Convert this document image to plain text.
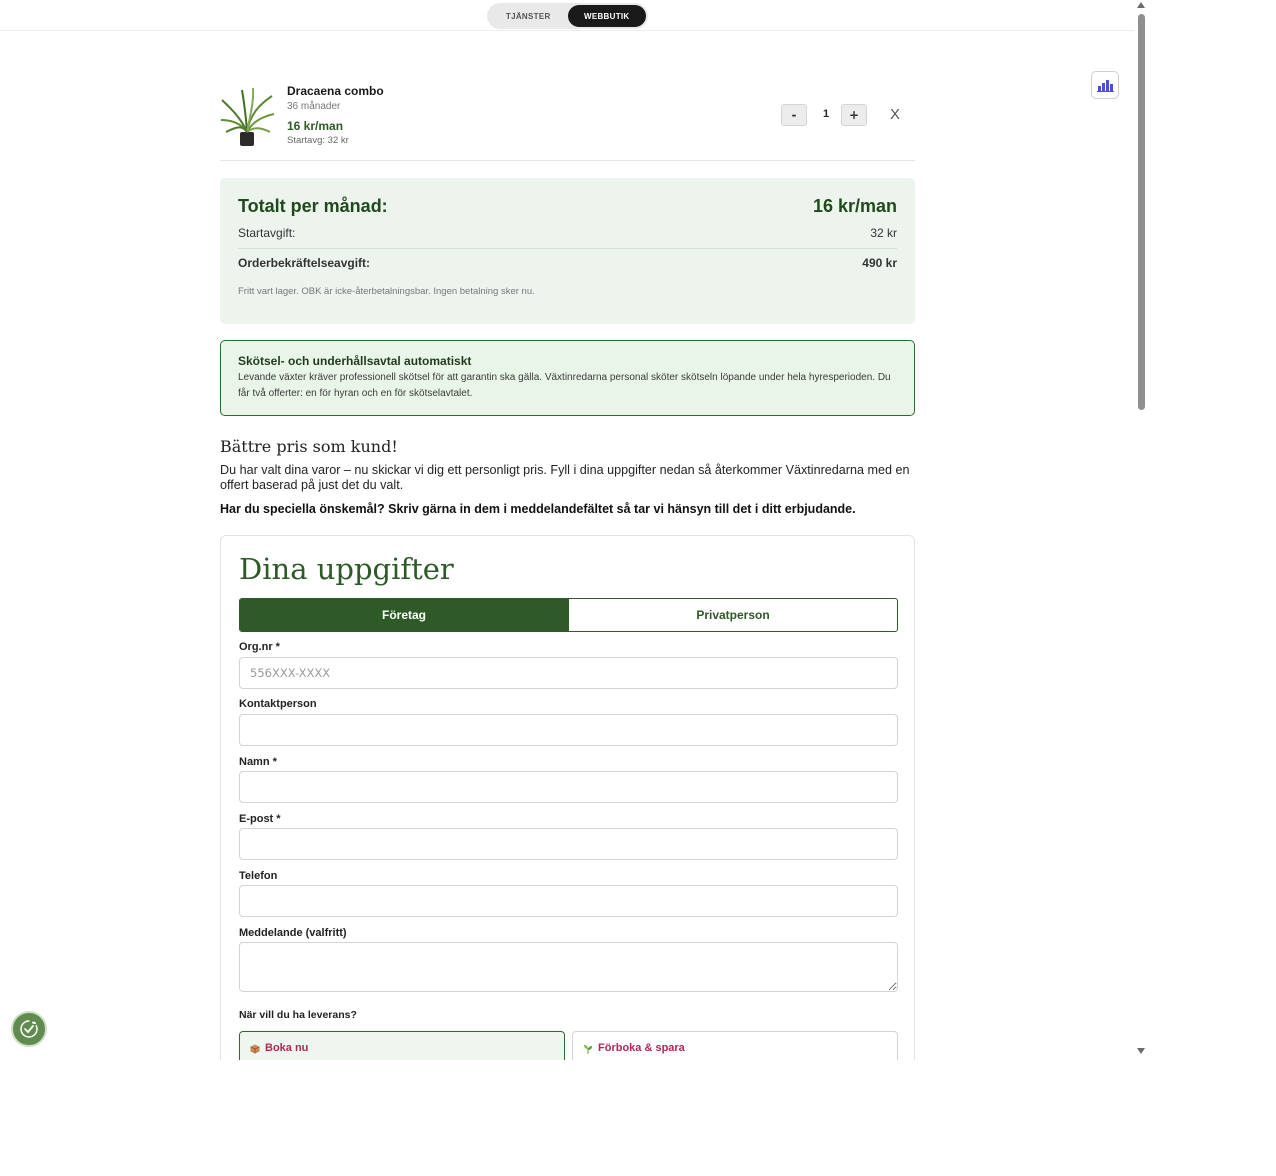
TJÄNSTER	WEBBUTIK
Dracaena combo
36 månader
16 kr/man
Startavg: 32 kr
-	1	+	X
Totalt per månad:	16 kr/man
Startavgift:	32 kr
Orderbekräftelseavgift:	490 kr
Fritt vart lager. OBK är icke-återbetalningsbar. Ingen betalning sker nu.
Skötsel- och underhållsavtal automatiskt
Levande växter kräver professionell skötsel för att garantin ska gälla. Växtinredarna personal sköter skötseln löpande under hela hyresperioden. Du får två offerter: en för hyran och en för skötselavtalet.
Bättre pris som kund!
Du har valt dina varor – nu skickar vi dig ett personligt pris. Fyll i dina uppgifter nedan så återkommer Växtinredarna med en offert baserad på just det du valt.
Har du speciella önskemål? Skriv gärna in dem i meddelandefältet så tar vi hänsyn till det i ditt erbjudande.
Dina uppgifter
Företag	Privatperson
Org.nr *
556XXX-XXXX
Kontaktperson
Namn *
E-post *
Telefon
Meddelande (valfritt)
När vill du ha leverans?
Boka nu	Förboka & spara
